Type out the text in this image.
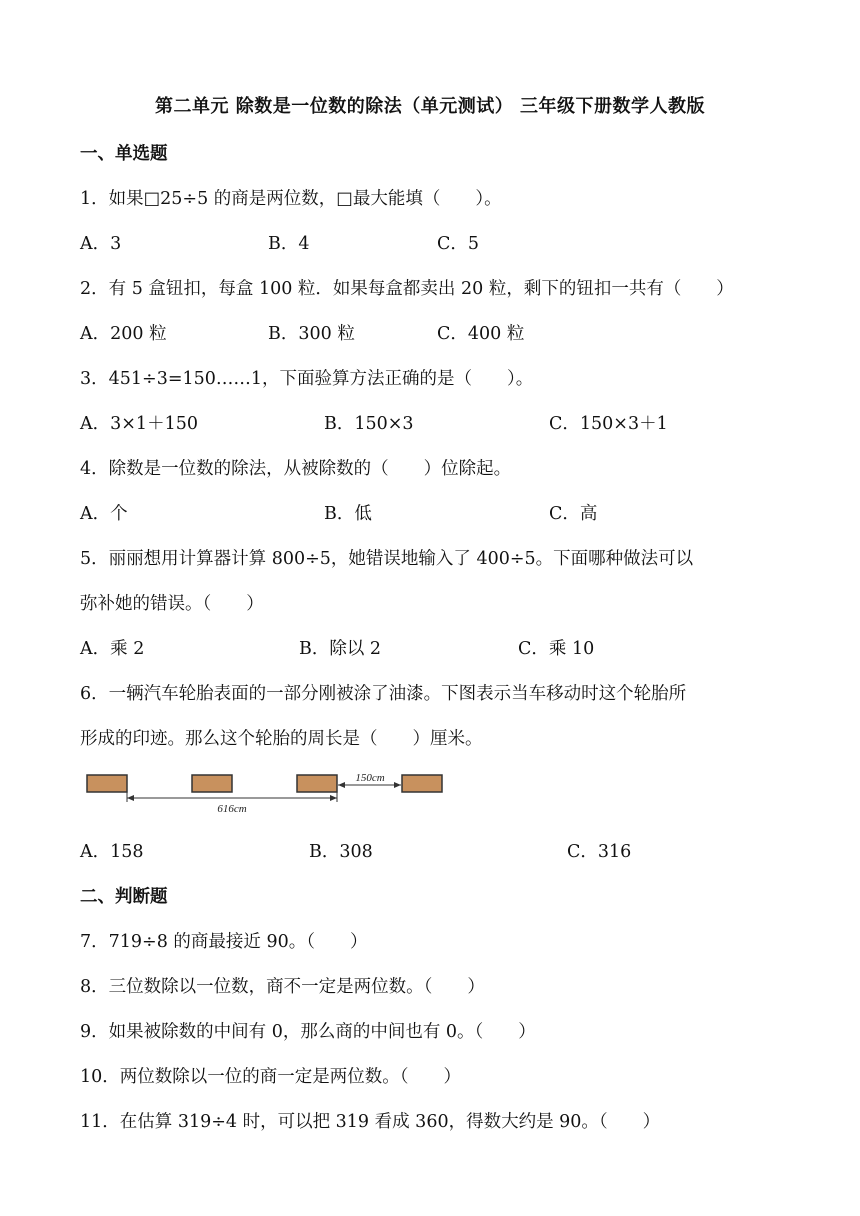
第二单元 除数是一位数的除法（单元测试） 三年级下册数学人教版
一、单选题
1．如果□25÷5 的商是两位数，□最大能填（　　）。
A．3	B．4	C．5
2．有 5 盒钮扣，每盒 100 粒．如果每盒都卖出 20 粒，剩下的钮扣一共有（　　）
A．200 粒	B．300 粒	C．400 粒
3．451÷3=150……1，下面验算方法正确的是（　　）。
A．3×1＋150	B．150×3	C．150×3＋1
4．除数是一位数的除法，从被除数的（　　）位除起。
A．个	B．低	C．高
5．丽丽想用计算器计算 800÷5，她错误地输入了 400÷5。下面哪种做法可以
弥补她的错误。（　　）
A．乘 2	B．除以 2	C．乘 10
6．一辆汽车轮胎表面的一部分刚被涂了油漆。下图表示当车移动时这个轮胎所
形成的印迹。那么这个轮胎的周长是（　　）厘米。
150cm
616cm
A．158	B．308	C．316
二、判断题
7．719÷8 的商最接近 90。（　　）
8．三位数除以一位数，商不一定是两位数。（　　）
9．如果被除数的中间有 0，那么商的中间也有 0。（　　）
10．两位数除以一位的商一定是两位数。（　　）
11．在估算 319÷4 时，可以把 319 看成 360，得数大约是 90。（　　）
